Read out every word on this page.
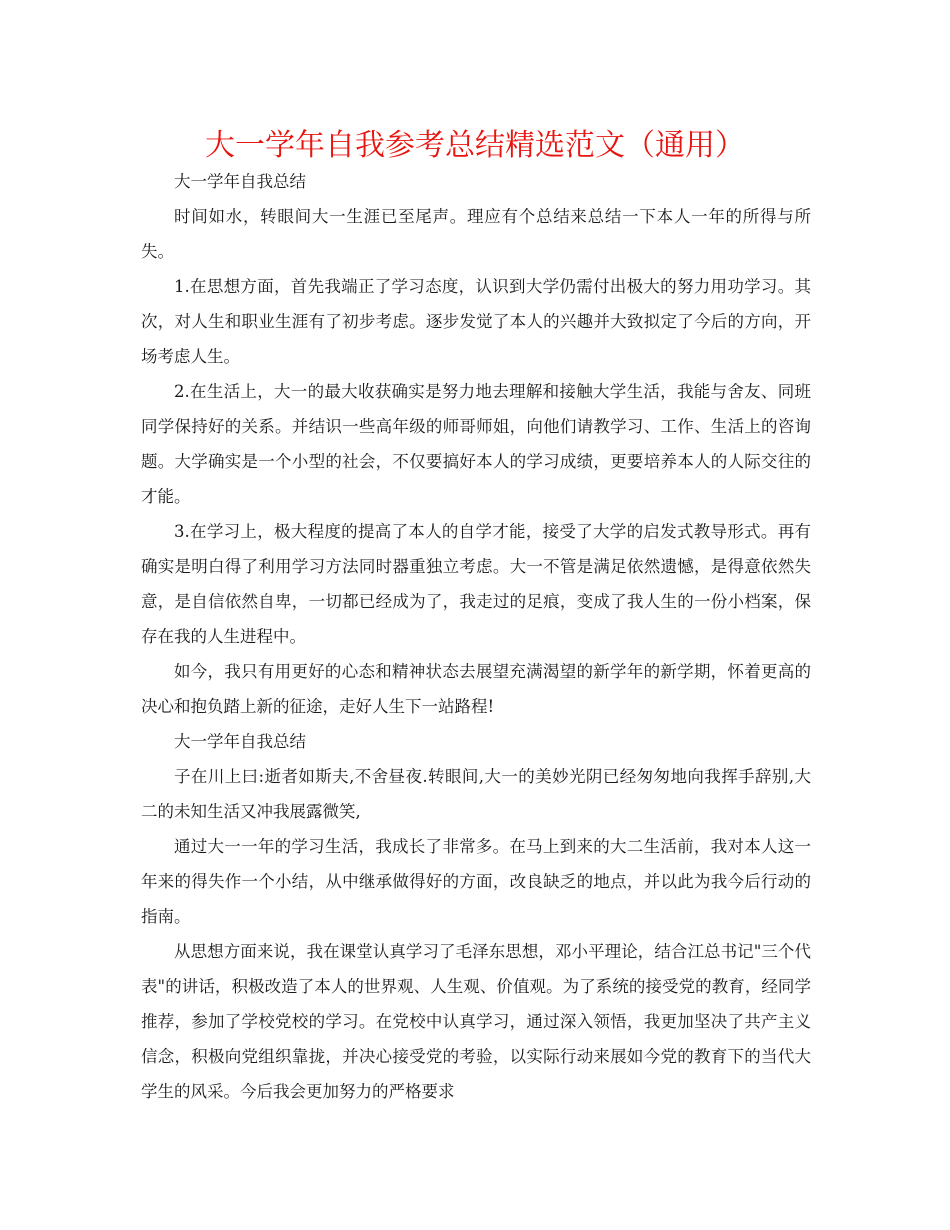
大一学年自我参考总结精选范文（通用）

大一学年自我总结

时间如水，转眼间大一生涯已至尾声。理应有个总结来总结一下本人一年的所得与所失。

1.在思想方面，首先我端正了学习态度，认识到大学仍需付出极大的努力用功学习。其次，对人生和职业生涯有了初步考虑。逐步发觉了本人的兴趣并大致拟定了今后的方向，开场考虑人生。

2.在生活上，大一的最大收获确实是努力地去理解和接触大学生活，我能与舍友、同班同学保持好的关系。并结识一些高年级的师哥师姐，向他们请教学习、工作、生活上的咨询题。大学确实是一个小型的社会，不仅要搞好本人的学习成绩，更要培养本人的人际交往的才能。

3.在学习上，极大程度的提高了本人的自学才能，接受了大学的启发式教导形式。再有确实是明白得了利用学习方法同时器重独立考虑。大一不管是满足依然遗憾，是得意依然失意，是自信依然自卑，一切都已经成为了，我走过的足痕，变成了我人生的一份小档案，保存在我的人生进程中。

如今，我只有用更好的心态和精神状态去展望充满渴望的新学年的新学期，怀着更高的决心和抱负踏上新的征途，走好人生下一站路程!

大一学年自我总结

子在川上曰:逝者如斯夫,不舍昼夜.转眼间,大一的美妙光阴已经匆匆地向我挥手辞别,大二的未知生活又冲我展露微笑,

通过大一一年的学习生活，我成长了非常多。在马上到来的大二生活前，我对本人这一年来的得失作一个小结，从中继承做得好的方面，改良缺乏的地点，并以此为我今后行动的指南。

从思想方面来说，我在课堂认真学习了毛泽东思想，邓小平理论，结合江总书记"三个代表"的讲话，积极改造了本人的世界观、人生观、价值观。为了系统的接受党的教育，经同学推荐，参加了学校党校的学习。在党校中认真学习，通过深入领悟，我更加坚决了共产主义信念，积极向党组织靠拢，并决心接受党的考验，以实际行动来展如今党的教育下的当代大学生的风采。今后我会更加努力的严格要求
